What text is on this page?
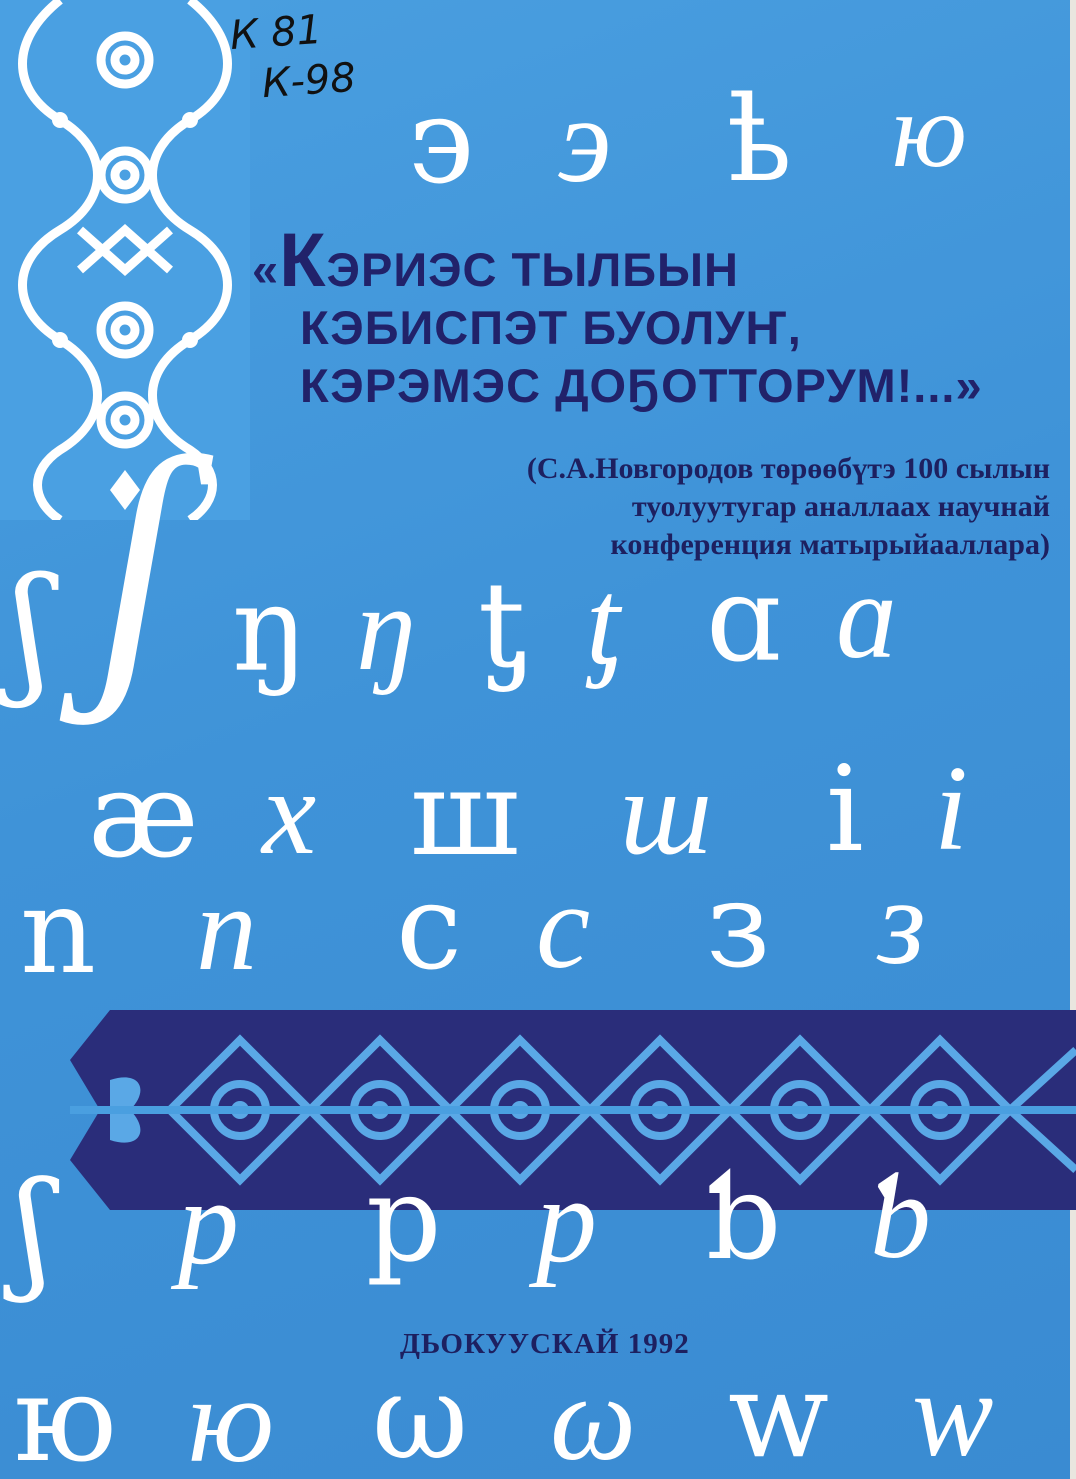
К 81
К-98 э э ҍ ю
«КЭРИЭС ТЫЛБЫН
КЭБИСПЭТ БУОЛУҤ,
КЭРЭМЭС ДОҔОТТОРУМ!...»
(С.А.Новгородов төрөөбүтэ 100 сылын
туолуутугар аналлаах научнай
конференция матырыйааллара)
ʃ ʃ ŋ ŋ ƫ ƫ ɑ ɑ
æ x ш ш i i
n n c c з з
ʃ p p p ƅ ƅ
ДЬОКУУСКАЙ 1992
ю ю ω ω w w
